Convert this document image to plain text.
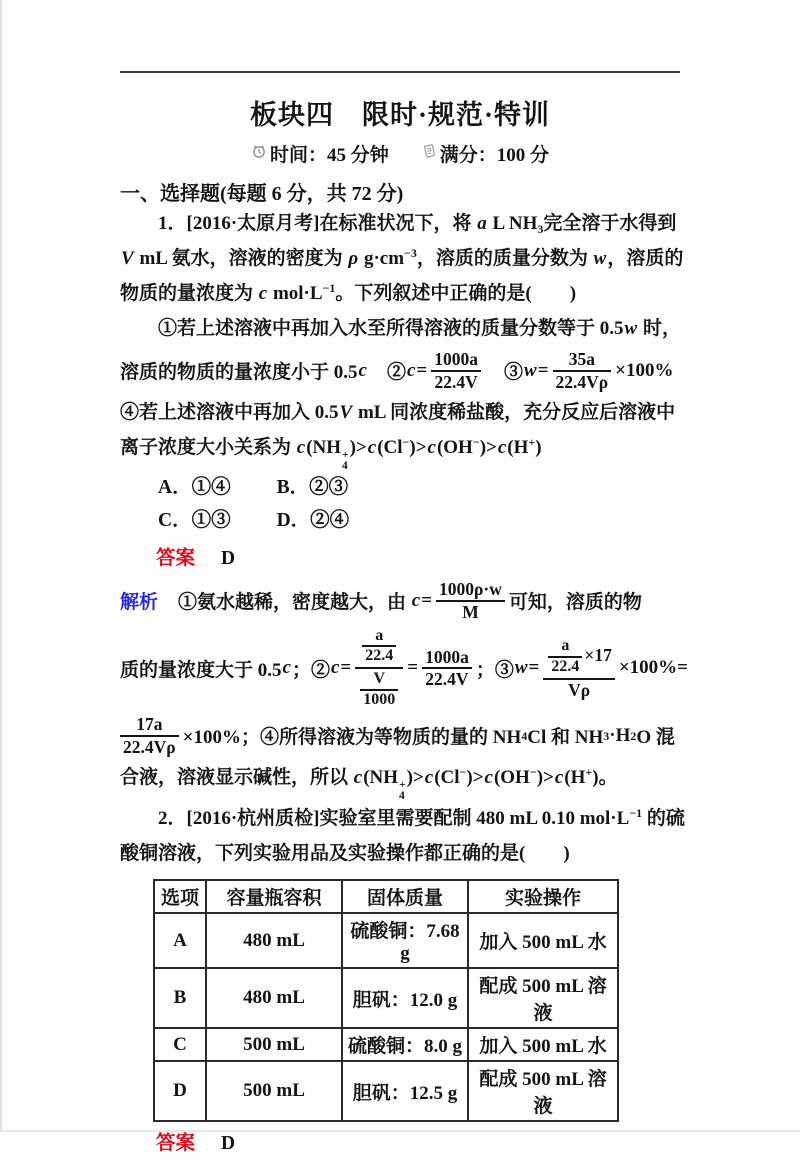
板块四　限时·规范·特训
时间：45 分钟	满分：100 分
一、选择题(每题 6 分，共 72 分)
1．[2016·太原月考]在标准状况下，将 a L $NH_3$完全溶于水得到
V mL 氨水，溶液的密度为 ρ $g\cdot cm^{-3}$，溶质的质量分数为 w，溶质的
物质的量浓度为 c $mol\cdot L^{-1}$。下列叙述中正确的是(　　)
①若上述溶液中再加入水至所得溶液的质量分数等于 0.5w 时，
溶质的物质的量浓度小于 0.5 c 　② $c = \frac{1000a}{22.4V}$ 　③ $w = \frac{35a}{22.4V\rho} \times 100\%$
④若上述溶液中再加入 0.5V mL 同浓度稀盐酸，充分反应后溶液中
离子浓度大小关系为 c(NH +
4
)>c(Cl−)>c(OH−)>c(H+)
A．①④ B．②③
C．①③ D．②④
答案 D
解析 ①氨水越稀，密度越大，由 $c = \frac{1000\rho\cdot w}{M}$ 可知，溶质的物
质的量浓度大于 0.5 c ；② $c = \frac{\frac{a}{22.4}}{\frac{V}{1000}} = \frac{1000a}{22.4V}$ ；③ $w = \frac{\frac{a}{22.4} \times 17}{V\rho} \times 100\%=$
$\frac{17a}{22.4V\rho} \times 100\%$；④所得溶液为等物质的量的 NH 4 Cl 和 NH 3 ·H 2 O 混
合液，溶液显示碱性，所以 c(NH +
4
)>c(Cl−)>c(OH−)>c(H+)。
2．[2016·杭州质检]实验室里需要配制 480 mL 0.10 $mol\cdot L^{-1}$ 的硫
酸铜溶液，下列实验用品及实验操作都正确的是(　　)
选项	容量瓶容积	固体质量	实验操作
A	480 mL	硫酸铜：7.68 g	加入 500 mL 水
B	480 mL	胆矾：12.0 g	配成 500 mL 溶液
C	500 mL	硫酸铜：8.0 g	加入 500 mL 水
D	500 mL	胆矾：12.5 g	配成 500 mL 溶液
答案 D
